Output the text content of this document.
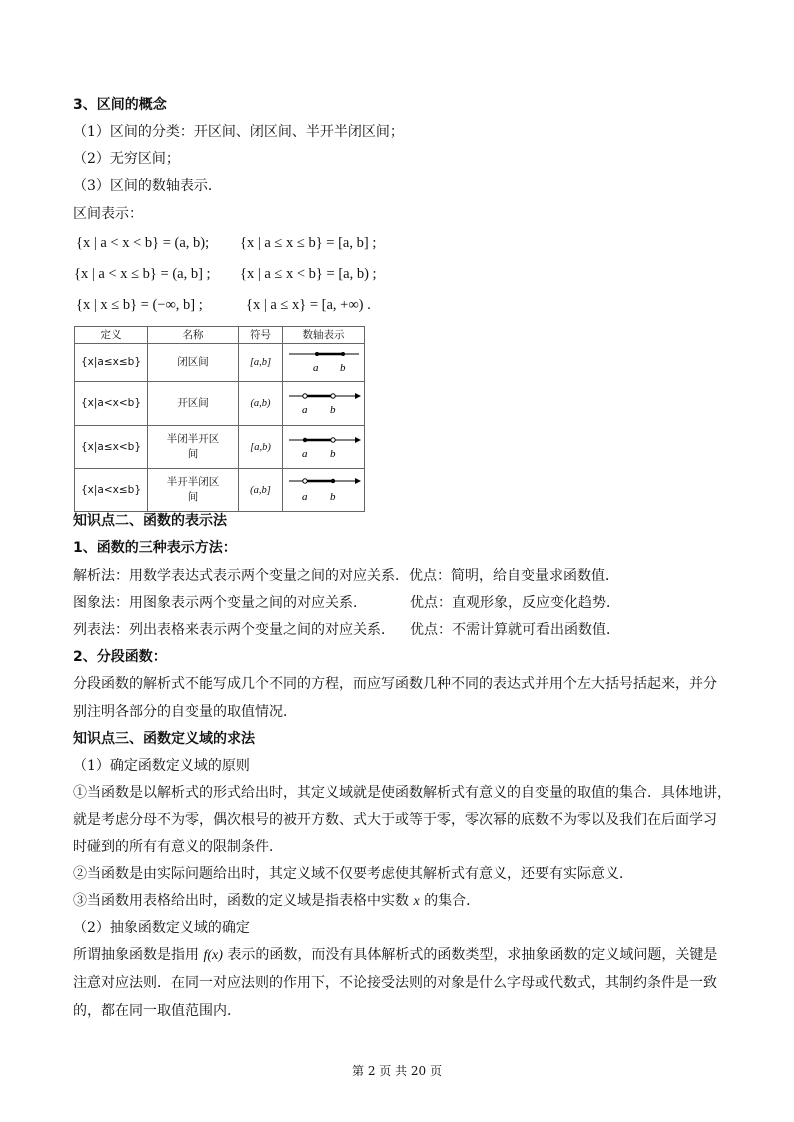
3、区间的概念
（1）区间的分类：开区间、闭区间、半开半闭区间；
（2）无穷区间；
（3）区间的数轴表示．
区间表示：
{x | a < x < b} = (a, b); {x | a ≤ x ≤ b} = [a, b] ;
{x | a < x ≤ b} = (a, b] ; {x | a ≤ x < b} = [a, b) ;
{x | x ≤ b} = (−∞, b] ;	{x | a ≤ x} = [a, +∞) .
定义	名称	符号	数轴表示

{x|a≤x≤b}	闭区间	[a,b]	a b

{x|a<x<b}	开区间	(a,b)	a b

{x|a≤x<b}	半闭半开区间	[a,b)	a b

{x|a<x≤b}	半开半闭区间	(a,b]	a b
知识点二、函数的表示法
1、函数的三种表示方法：
解析法：用数学表达式表示两个变量之间的对应关系．优点：简明，给自变量求函数值．
图象法：用图象表示两个变量之间的对应关系．	优点：直观形象，反应变化趋势．
列表法：列出表格来表示两个变量之间的对应关系． 优点：不需计算就可看出函数值．
2、分段函数：
分段函数的解析式不能写成几个不同的方程，而应写函数几种不同的表达式并用个左大括号括起来，并分
别注明各部分的自变量的取值情况．
知识点三、函数定义域的求法
（1）确定函数定义域的原则
①当函数是以解析式的形式给出时，其定义域就是使函数解析式有意义的自变量的取值的集合．具体地讲，
就是考虑分母不为零，偶次根号的被开方数、式大于或等于零，零次幂的底数不为零以及我们在后面学习
时碰到的所有有意义的限制条件．
②当函数是由实际问题给出时，其定义域不仅要考虑使其解析式有意义，还要有实际意义．
③当函数用表格给出时，函数的定义域是指表格中实数 x 的集合．
（2）抽象函数定义域的确定
所谓抽象函数是指用 f(x) 表示的函数，而没有具体解析式的函数类型，求抽象函数的定义域问题，关键是
注意对应法则．在同一对应法则的作用下，不论接受法则的对象是什么字母或代数式，其制约条件是一致
的，都在同一取值范围内．
第 2 页 共 20 页
